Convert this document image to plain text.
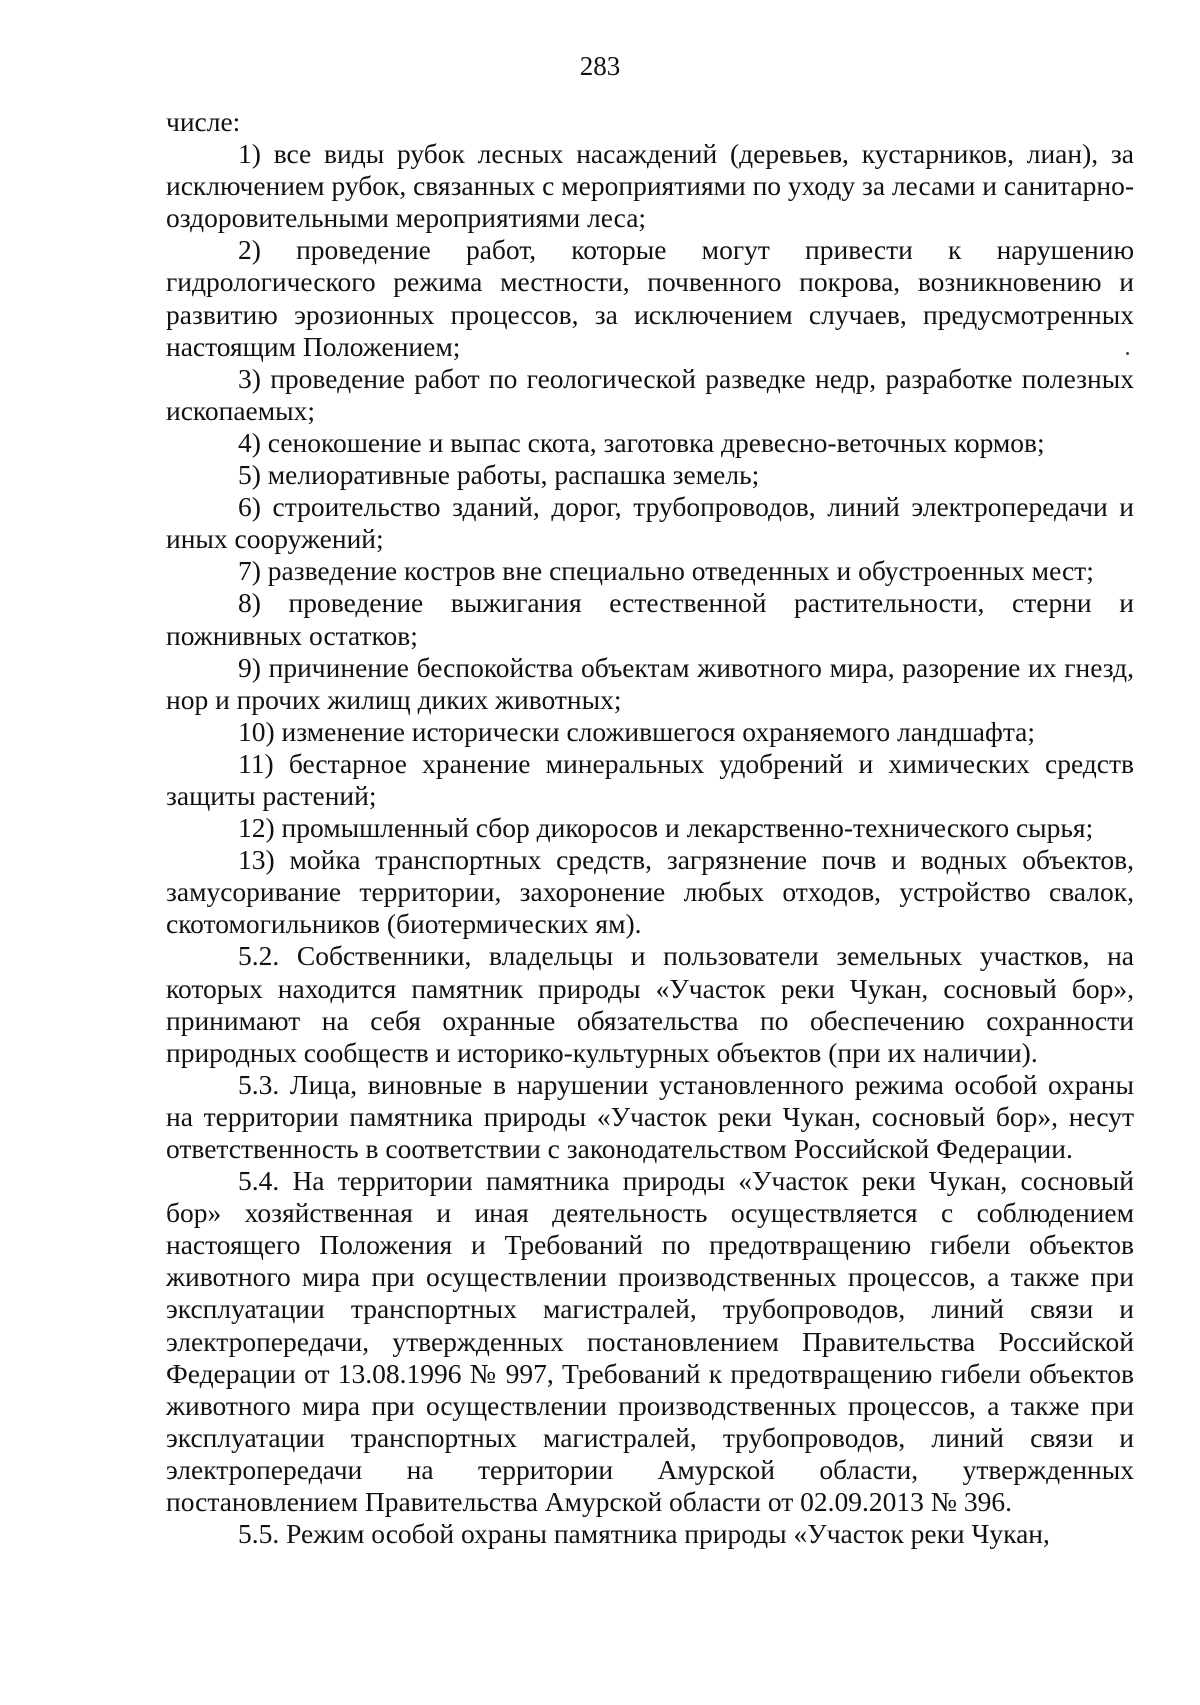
283

числе:

1) все виды рубок лесных насаждений (деревьев, кустарников, лиан), за исключением рубок, связанных с мероприятиями по уходу за лесами и санитарно-оздоровительными мероприятиями леса;

2) проведение работ, которые могут привести к нарушению гидрологического режима местности, почвенного покрова, возникновению и развитию эрозионных процессов, за исключением случаев, предусмотренных настоящим Положением;

3) проведение работ по геологической разведке недр, разработке полезных ископаемых;

4) сенокошение и выпас скота, заготовка древесно-веточных кормов;

5) мелиоративные работы, распашка земель;

6) строительство зданий, дорог, трубопроводов, линий электропередачи и иных сооружений;

7) разведение костров вне специально отведенных и обустроенных мест;

8) проведение выжигания естественной растительности, стерни и пожнивных остатков;

9) причинение беспокойства объектам животного мира, разорение их гнезд, нор и прочих жилищ диких животных;

10) изменение исторически сложившегося охраняемого ландшафта;

11) бестарное хранение минеральных удобрений и химических средств защиты растений;

12) промышленный сбор дикоросов и лекарственно-технического сырья;

13) мойка транспортных средств, загрязнение почв и водных объектов, замусоривание территории, захоронение любых отходов, устройство свалок, скотомогильников (биотермических ям).

5.2. Собственники, владельцы и пользователи земельных участков, на которых находится памятник природы «Участок реки Чукан, сосновый бор», принимают на себя охранные обязательства по обеспечению сохранности природных сообществ и историко-культурных объектов (при их наличии).

5.3. Лица, виновные в нарушении установленного режима особой охраны на территории памятника природы «Участок реки Чукан, сосновый бор», несут ответственность в соответствии с законодательством Российской Федерации.

5.4. На территории памятника природы «Участок реки Чукан, сосновый бор» хозяйственная и иная деятельность осуществляется с соблюдением настоящего Положения и Требований по предотвращению гибели объектов животного мира при осуществлении производственных процессов, а также при эксплуатации транспортных магистралей, трубопроводов, линий связи и электропередачи, утвержденных постановлением Правительства Российской Федерации от 13.08.1996 № 997, Требований к предотвращению гибели объектов животного мира при осуществлении производственных процессов, а также при эксплуатации транспортных магистралей, трубопроводов, линий связи и электропередачи на территории Амурской области, утвержденных постановлением Правительства Амурской области от 02.09.2013 № 396.

5.5. Режим особой охраны памятника природы «Участок реки Чукан,
